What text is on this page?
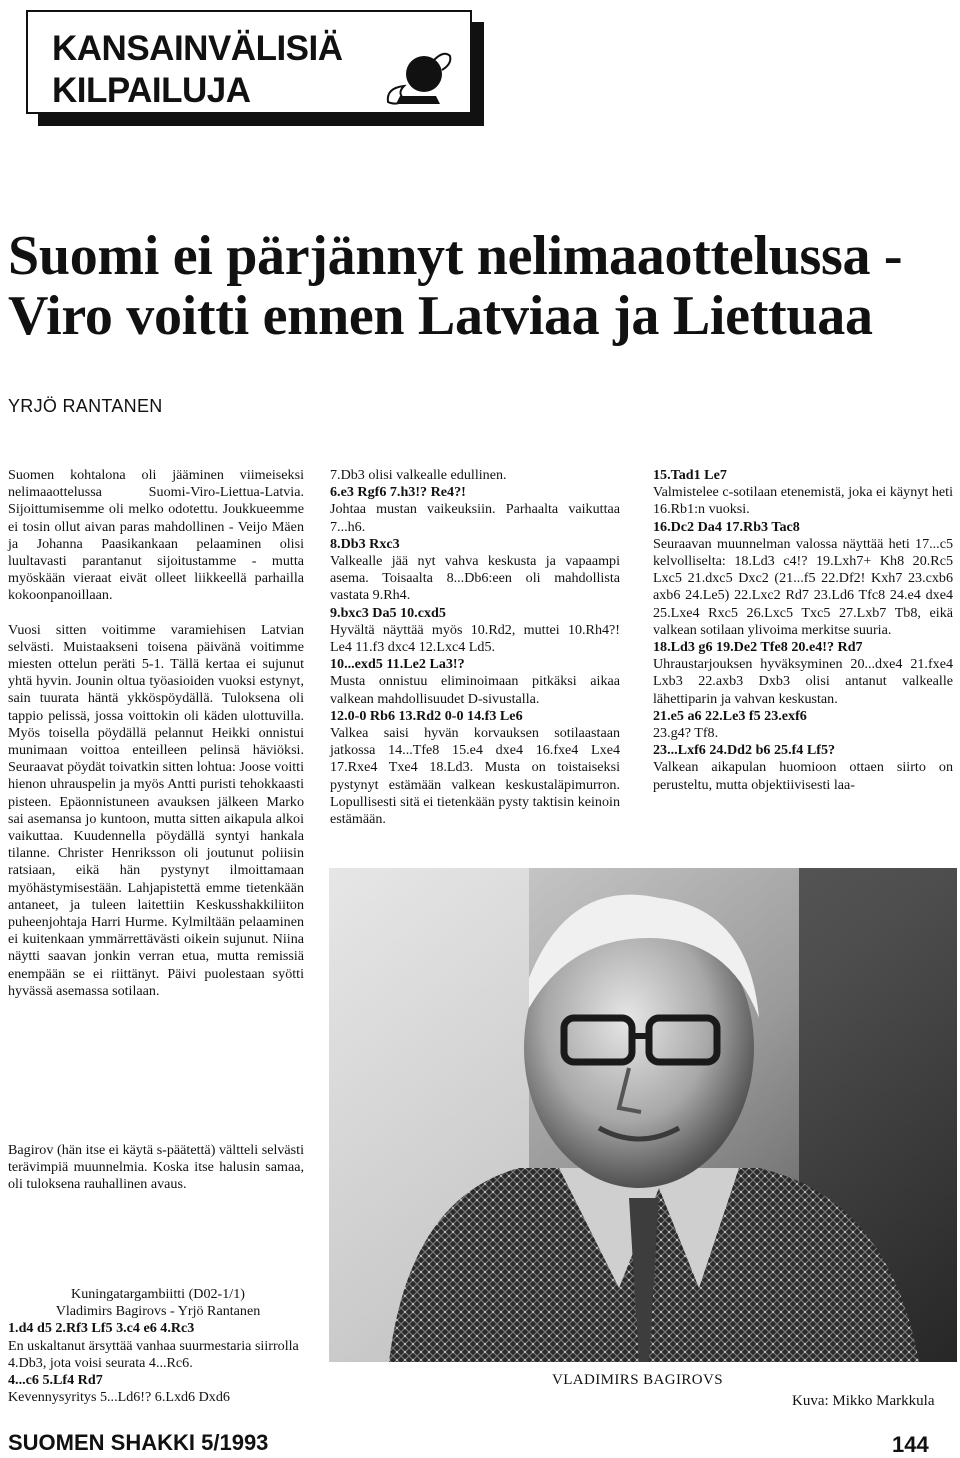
KANSAINVÄLISIÄ
KILPAILUJA
Suomi ei pärjännyt nelimaaottelussa -
Viro voitti ennen Latviaa ja Liettuaa
YRJÖ RANTANEN

Suomen kohtalona oli jääminen viimeiseksi nelimaaottelussa Suomi-Viro-Liettua-Latvia. Sijoittumisemme oli melko odotettu. Joukkueemme ei tosin ollut aivan paras mahdollinen - Veijo Mäen ja Johanna Paasikankaan pelaaminen olisi luultavasti parantanut sijoitustamme - mutta myöskään vieraat eivät olleet liikkeellä parhailla kokoonpanoillaan.

Vuosi sitten voitimme varamiehisen Latvian selvästi. Muistaakseni toisena päivänä voitimme miesten ottelun peräti 5-1. Tällä kertaa ei sujunut yhtä hyvin. Jounin oltua työasioiden vuoksi estynyt, sain tuurata häntä ykköspöydällä. Tuloksena oli tappio pelissä, jossa voittokin oli käden ulottuvilla. Myös toisella pöydällä pelannut Heikki onnistui munimaan voittoa enteilleen pelinsä häviöksi. Seuraavat pöydät toivatkin sitten lohtua: Joose voitti hienon uhrauspelin ja myös Antti puristi tehokkaasti pisteen. Epäonnistuneen avauksen jälkeen Marko sai asemansa jo kuntoon, mutta sitten aikapula alkoi vaikuttaa. Kuudennella pöydällä syntyi hankala tilanne. Christer Henriksson oli joutunut poliisin ratsiaan, eikä hän pystynyt ilmoittamaan myöhästymisestään. Lahjapistettä emme tietenkään antaneet, ja tuleen laitettiin Keskusshakkiliiton puheenjohtaja Harri Hurme. Kylmiltään pelaaminen ei kuitenkaan ymmärrettävästi oikein sujunut. Niina näytti saavan jonkin verran etua, mutta remissiä enempään se ei riittänyt. Päivi puolestaan syötti hyvässä asemassa sotilaan.

Bagirov (hän itse ei käytä s-päätettä) vältteli selvästi terävimpiä muunnelmia. Koska itse halusin samaa, oli tuloksena rauhallinen avaus.

Kuningatargambiitti (D02-1/1)
Vladimirs Bagirovs - Yrjö Rantanen
1.d4 d5 2.Rf3 Lf5 3.c4 e6 4.Rc3
En uskaltanut ärsyttää vanhaa suurmestaria siirrolla 4.Db3, jota voisi seurata 4...Rc6.
4...c6 5.Lf4 Rd7
Kevennysyritys 5...Ld6!? 6.Lxd6 Dxd6
7.Db3 olisi valkealle edullinen.
6.e3 Rgf6 7.h3!? Re4?!
Johtaa mustan vaikeuksiin. Parhaalta vaikuttaa 7...h6.
8.Db3 Rxc3
Valkealle jää nyt vahva keskusta ja vapaampi asema. Toisaalta 8...Db6:een oli mahdollista vastata 9.Rh4.
9.bxc3 Da5 10.cxd5
Hyvältä näyttää myös 10.Rd2, muttei 10.Rh4?! Le4 11.f3 dxc4 12.Lxc4 Ld5.
10...exd5 11.Le2 La3!?
Musta onnistuu eliminoimaan pitkäksi aikaa valkean mahdollisuudet D-sivustalla.
12.0-0 Rb6 13.Rd2 0-0 14.f3 Le6
Valkea saisi hyvän korvauksen sotilaastaan jatkossa 14...Tfe8 15.e4 dxe4 16.fxe4 Lxe4 17.Rxe4 Txe4 18.Ld3. Musta on toistaiseksi pystynyt estämään valkean keskustaläpimurron. Lopullisesti sitä ei tietenkään pysty taktisin keinoin estämään.
15.Tad1 Le7
Valmistelee c-sotilaan etenemistä, joka ei käynyt heti 16.Rb1:n vuoksi.
16.Dc2 Da4 17.Rb3 Tac8
Seuraavan muunnelman valossa näyttää heti 17...c5 kelvolliselta: 18.Ld3 c4!? 19.Lxh7+ Kh8 20.Rc5 Lxc5 21.dxc5 Dxc2 (21...f5 22.Df2! Kxh7 23.cxb6 axb6 24.Le5) 22.Lxc2 Rd7 23.Ld6 Tfc8 24.e4 dxe4 25.Lxe4 Rxc5 26.Lxc5 Txc5 27.Lxb7 Tb8, eikä valkean sotilaan ylivoima merkitse suuria.
18.Ld3 g6 19.De2 Tfe8 20.e4!? Rd7
Uhraustarjouksen hyväksyminen 20...dxe4 21.fxe4 Lxb3 22.axb3 Dxb3 olisi antanut valkealle lähettiparin ja vahvan keskustan.
21.e5 a6 22.Le3 f5 23.exf6
23.g4? Tf8.
23...Lxf6 24.Dd2 b6 25.f4 Lf5?
Valkean aikapulan huomioon ottaen siirto on perusteltu, mutta objektiivisesti laa-
VLADIMIRS BAGIROVS
Kuva: Mikko Markkula
SUOMEN SHAKKI 5/1993	144
